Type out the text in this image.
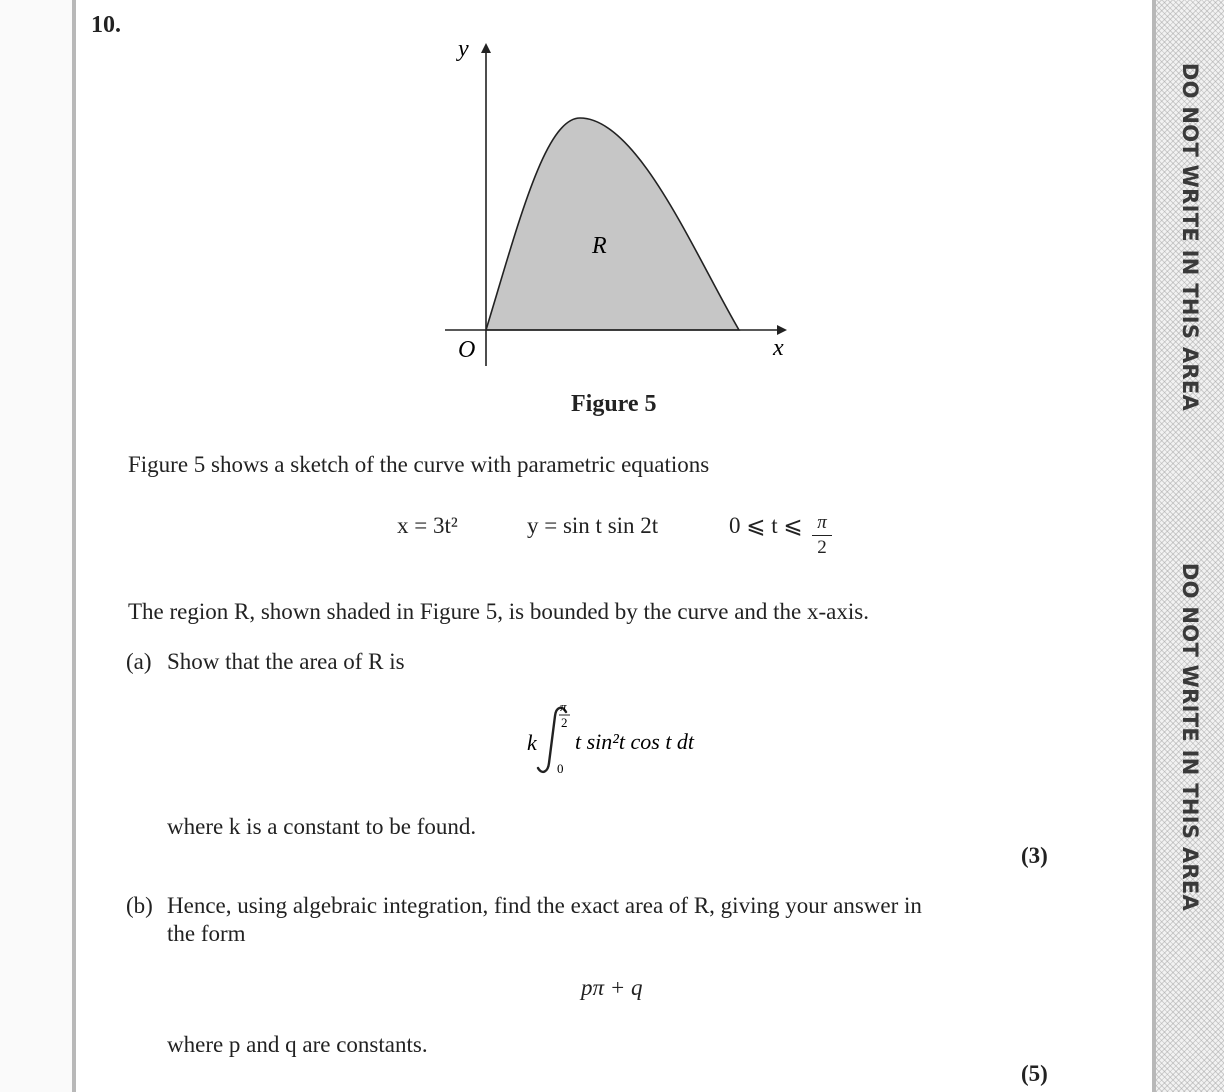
DO NOT WRITE IN THIS AREA
DO NOT WRITE IN THIS AREA
10.
y
x
O
R
Figure 5
Figure 5 shows a sketch of the curve with parametric equations
x = 3t²	y = sin t sin 2t	0 ⩽ t ⩽ π
2
The region R, shown shaded in Figure 5, is bounded by the curve and the x-axis.
(a) Show that the area of R is
k
π
2
0
t sin²t cos t dt
where k is a constant to be found.
(3)
(b) Hence, using algebraic integration, find the exact area of R, giving your answer in
the form
pπ + q
where p and q are constants.
(5)
